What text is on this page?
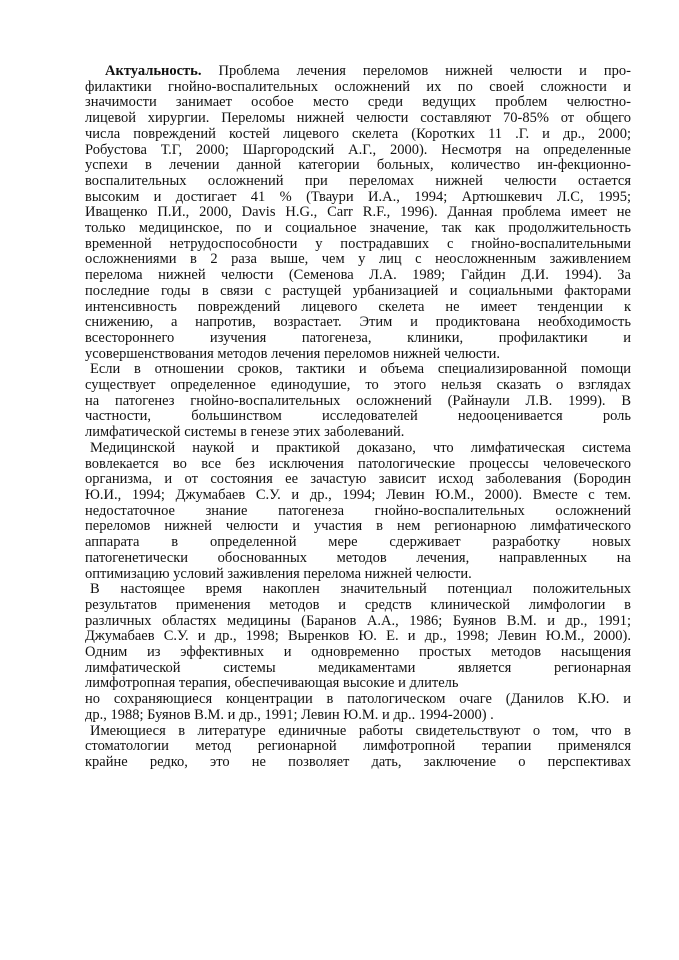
Актуальность. Проблема лечения переломов нижней челюсти и про-
филактики гнойно-воспалительных осложнений их по своей сложности и
значимости занимает особое место среди ведущих проблем челюстно-
лицевой хирургии. Переломы нижней челюсти составляют 70-85% от общего
числа повреждений костей лицевого скелета (Коротких 11 .Г. и др., 2000;
Робустова Т.Г, 2000; Шаргородский А.Г., 2000). Несмотря на определенные
успехи в лечении данной категории больных, количество ин-фекционно-
воспалительных осложнений при переломах нижней челюсти остается
высоким и достигает 41 % (Тваури И.А., 1994; Артюшкевич Л.С, 1995;
Иващенко П.И., 2000, Davis H.G., Carr R.F., 1996). Данная проблема имеет не
только медицинское, по и социальное значение, так как продолжительность
временной нетрудоспособности у пострадавших с гнойно-воспалительными
осложнениями в 2 раза выше, чем у лиц с неосложненным заживлением
перелома нижней челюсти (Семенова Л.А. 1989; Гайдин Д.И. 1994). За
последние годы в связи с растущей урбанизацией и социальными факторами
интенсивность повреждений лицевого скелета не имеет тенденции к
снижению, а напротив, возрастает. Этим и продиктована необходимость
всестороннего изучения патогенеза, клиники, профилактики и
усовершенствования методов лечения переломов нижней челюсти.

Если в отношении сроков, тактики и объема специализированной помощи
существует определенное единодушие, то этого нельзя сказать о взглядах
на патогенез гнойно-воспалительных осложнений (Райнаули Л.В. 1999). В
частности, большинством исследователей недооценивается роль
лимфатической системы в генезе этих заболеваний.

Медицинской наукой и практикой доказано, что лимфатическая система
вовлекается во все без исключения патологические процессы человеческого
организма, и от состояния ее зачастую зависит исход заболевания (Бородин
Ю.И., 1994; Джумабаев С.У. и др., 1994; Левин Ю.М., 2000). Вместе с тем.
недостаточное знание патогенеза гнойно-воспалительных осложнений
переломов нижней челюсти и участия в нем регионарною лимфатического
аппарата в определенной мере сдерживает разработку новых
патогенетически обоснованных методов лечения, направленных на
оптимизацию условий заживления перелома нижней челюсти.

В настоящее время накоплен значительный потенциал положительных
результатов применения методов и средств клинической лимфологии в
различных областях медицины (Баранов А.А., 1986; Буянов В.М. и др., 1991;
Джумабаев С.У. и др., 1998; Выренков Ю. Е. и др., 1998; Левин Ю.М., 2000).
Одним из эффективных и одновременно простых методов насыщения
лимфатической системы медикаментами является регионарная
лимфотропная терапия, обеспечивающая высокие и длитель
но сохраняющиеся концентрации в патологическом очаге (Данилов К.Ю. и
др., 1988; Буянов В.М. и др., 1991; Левин Ю.М. и др.. 1994-2000) .

Имеющиеся в литературе единичные работы свидетельствуют о том, что в
стоматологии метод регионарной лимфотропной терапии применялся
крайне редко, это не позволяет дать, заключение о перспективах
